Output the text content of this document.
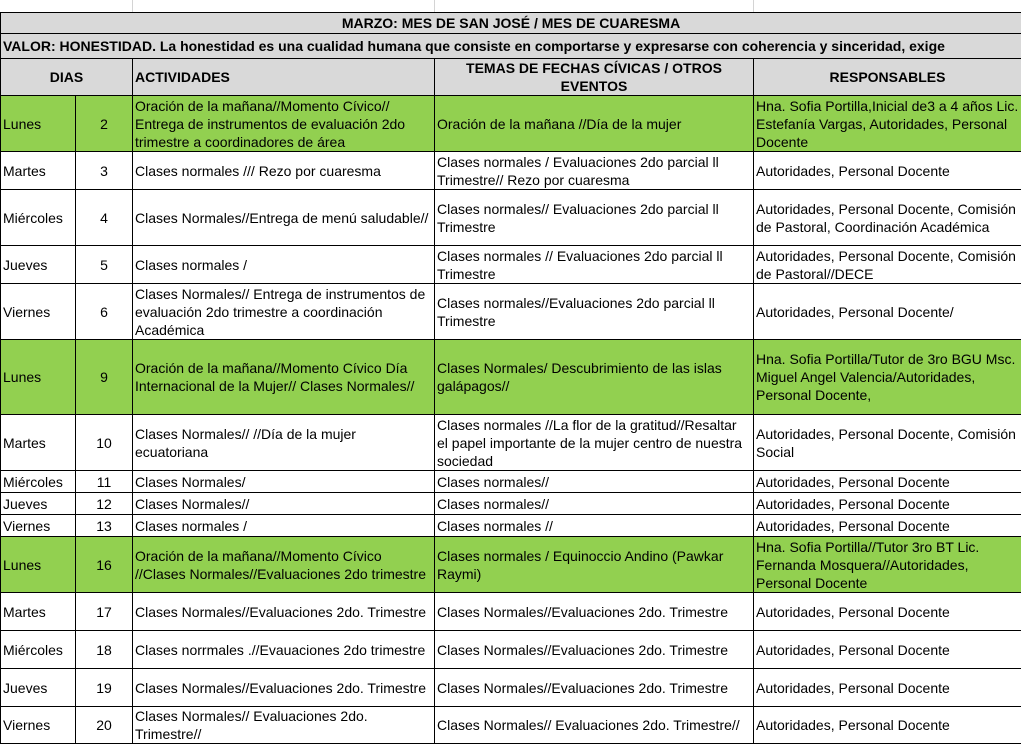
MARZO: MES DE SAN JOSÉ / MES DE CUARESMA				
VALOR: HONESTIDAD. La honestidad es una cualidad humana que consiste en comportarse y expresarse con coherencia y sinceridad, exige				
DIAS		ACTIVIDADES	TEMAS DE FECHAS CÍVICAS / OTROS EVENTOS	RESPONSABLES
Lunes	2	Oración de la mañana//Momento Cívico// Entrega de instrumentos de evaluación 2do trimestre a coordinadores de área	Oración de la mañana //Día de la mujer	Hna. Sofia Portilla,Inicial de3 a 4 años Lic. Estefanía Vargas, Autoridades, Personal Docente
Martes	3	Clases normales /// Rezo por cuaresma	Clases normales / Evaluaciones 2do parcial ll Trimestre// Rezo por cuaresma	Autoridades, Personal Docente
Miércoles	4	Clases Normales//Entrega de menú saludable//	Clases normales// Evaluaciones 2do parcial ll Trimestre	Autoridades, Personal Docente, Comisión de Pastoral, Coordinación Académica
Jueves	5	Clases normales /	Clases normales // Evaluaciones 2do parcial ll Trimestre	Autoridades, Personal Docente, Comisión de Pastoral//DECE
Viernes	6	Clases Normales// Entrega de instrumentos de evaluación 2do trimestre a coordinación Académica	Clases normales//Evaluaciones 2do parcial ll Trimestre	Autoridades, Personal Docente/
Lunes	9	Oración de la mañana//Momento Cívico Día Internacional de la Mujer// Clases Normales//	Clases Normales/ Descubrimiento de las islas galápagos//	Hna. Sofia Portilla/Tutor de 3ro BGU Msc. Miguel Angel Valencia/Autoridades, Personal Docente,
Martes	10	Clases Normales// //Día de la mujer ecuatoriana	Clases normales //La flor de la gratitud//Resaltar el papel importante de la mujer centro de nuestra sociedad	Autoridades, Personal Docente, Comisión Social
Miércoles	11	Clases Normales/	Clases normales//	Autoridades, Personal Docente
Jueves	12	Clases Normales//	Clases normales//	Autoridades, Personal Docente
Viernes	13	Clases normales /	Clases normales //	Autoridades, Personal Docente
Lunes	16	Oración de la mañana//Momento Cívico //Clases Normales//Evaluaciones 2do trimestre	Clases normales / Equinoccio Andino (Pawkar Raymi)	Hna. Sofia Portilla//Tutor 3ro BT Lic. Fernanda Mosquera//Autoridades, Personal Docente
Martes	17	Clases Normales//Evaluaciones 2do. Trimestre	Clases Normales//Evaluaciones 2do. Trimestre	Autoridades, Personal Docente
Miércoles	18	Clases norrmales .//Evauaciones 2do trimestre	Clases Normales//Evaluaciones 2do. Trimestre	Autoridades, Personal Docente
Jueves	19	Clases Normales//Evaluaciones 2do. Trimestre	Clases Normales//Evaluaciones 2do. Trimestre	Autoridades, Personal Docente
Viernes	20	Clases Normales// Evaluaciones 2do. Trimestre//	Clases Normales// Evaluaciones 2do. Trimestre//	Autoridades, Personal Docente
